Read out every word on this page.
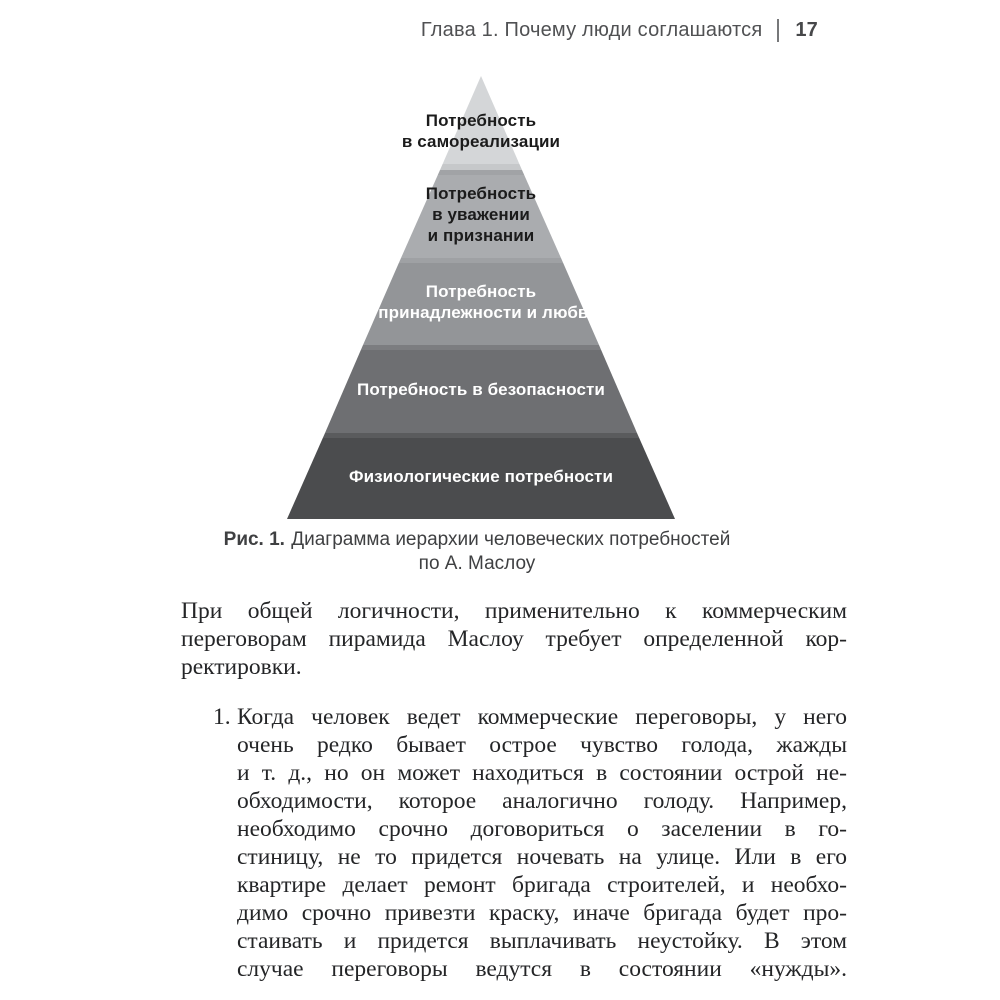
Глава 1. Почему люди соглашаются 17
Потребность
в самореализации
Потребность
в уважении
и признании
Потребность
в принадлежности и любви
Потребность в безопасности
Физиологические потребности
Рис. 1. Диаграмма иерархии человеческих потребностей
по А. Маслоу
При общей логичности, применительно к коммерческим
переговорам пирамида Маслоу требует определенной кор-
ректировки.
1. Когда человек ведет коммерческие переговоры, у него
очень редко бывает острое чувство голода, жажды
и т. д., но он может находиться в состоянии острой не-
обходимости, которое аналогично голоду. Например,
необходимо срочно договориться о заселении в го-
стиницу, не то придется ночевать на улице. Или в его
квартире делает ремонт бригада строителей, и необхо-
димо срочно привезти краску, иначе бригада будет про-
стаивать и придется выплачивать неустойку. В этом
случае переговоры ведутся в состоянии «нужды».
